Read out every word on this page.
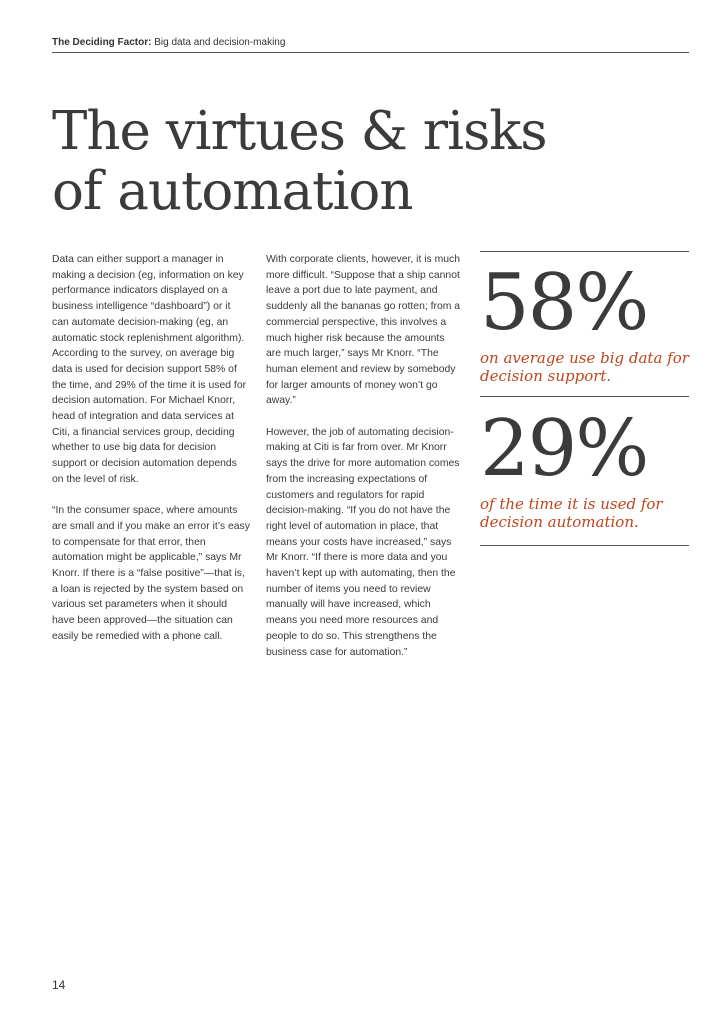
The Deciding Factor: Big data and decision-making
The virtues & risks
of automation

Data can either support a manager in making a decision (eg, information on key performance indicators displayed on a business intelligence “dashboard”) or it can automate decision-making (eg, an automatic stock replenishment algorithm). According to the survey, on average big data is used for decision support 58% of the time, and 29% of the time it is used for decision automation. For Michael Knorr, head of integration and data services at Citi, a financial services group, deciding whether to use big data for decision support or decision automation depends on the level of risk.

“In the consumer space, where amounts are small and if you make an error it’s easy to compensate for that error, then automation might be applicable,” says Mr Knorr. If there is a “false positive”—that is, a loan is rejected by the system based on various set parameters when it should have been approved—the situation can easily be remedied with a phone call.

With corporate clients, however, it is much more difficult. “Suppose that a ship cannot leave a port due to late payment, and suddenly all the bananas go rotten; from a commercial perspective, this involves a much higher risk because the amounts are much larger,” says Mr Knorr. “The human element and review by somebody for larger amounts of money won’t go away.”

However, the job of automating decision-making at Citi is far from over. Mr Knorr says the drive for more automation comes from the increasing expectations of customers and regulators for rapid decision-making. “If you do not have the right level of automation in place, that means your costs have increased,” says Mr Knorr. “If there is more data and you haven’t kept up with automating, then the number of items you need to review manually will have increased, which means you need more resources and people to do so. This strengthens the business case for automation.”

58%
on average use big data for decision support.
29%
of the time it is used for decision automation.
14
